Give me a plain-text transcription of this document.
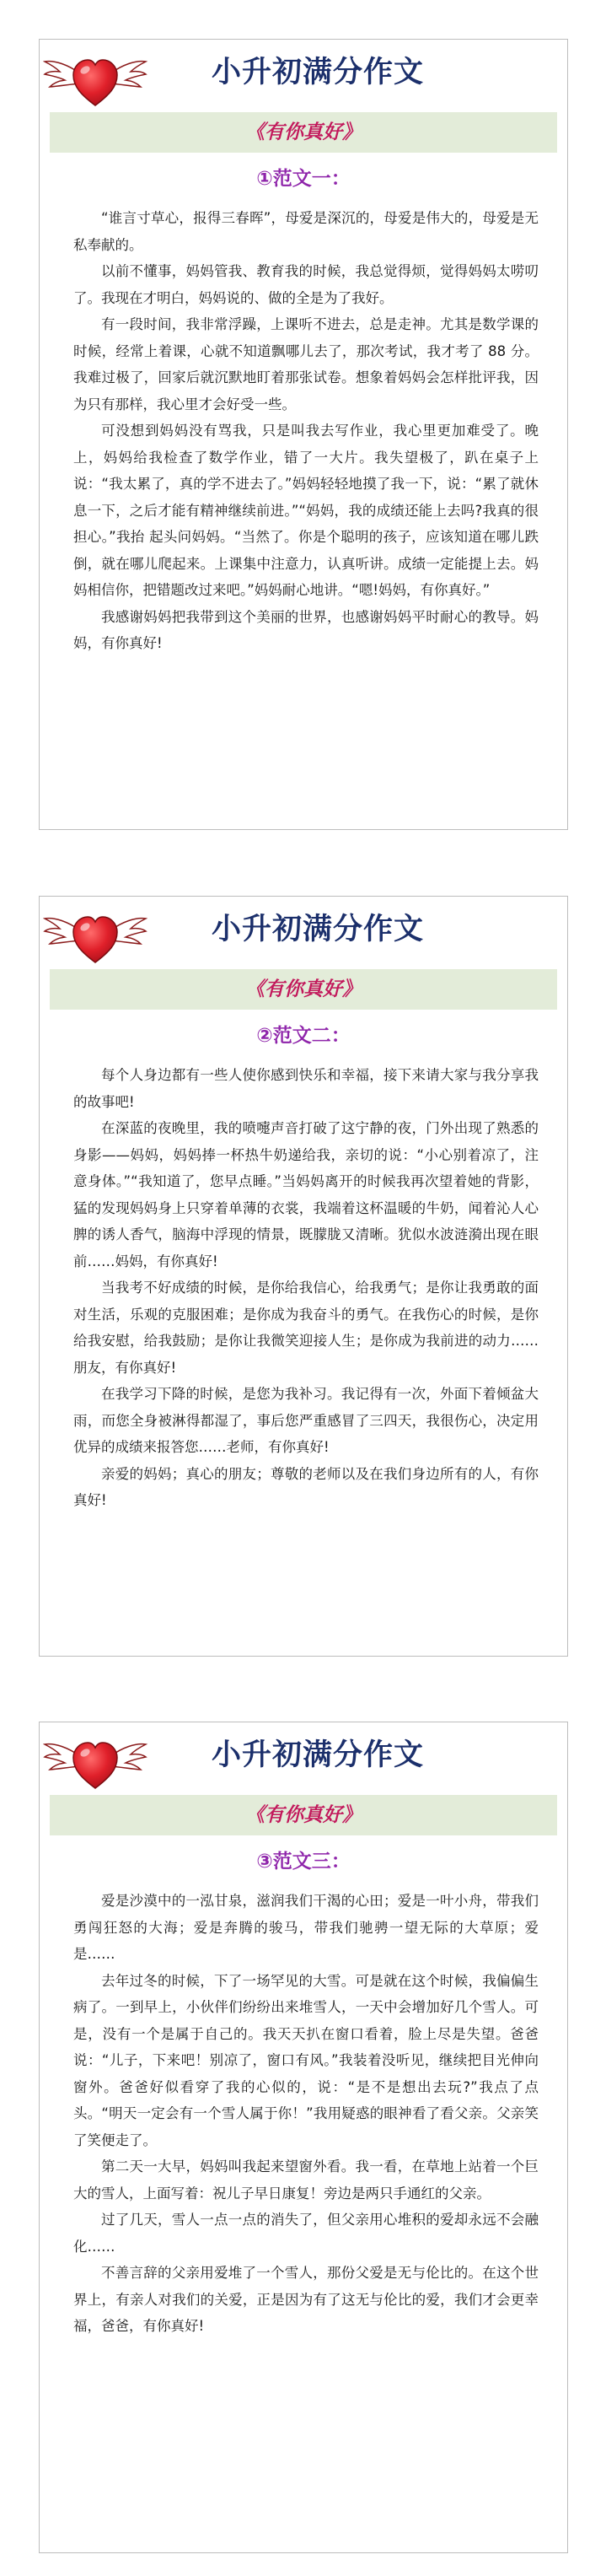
小升初满分作文
《有你真好》
①范文一：

“谁言寸草心，报得三春晖”，母爱是深沉的，母爱是伟大的，母爱是无私奉献的。

以前不懂事，妈妈管我、教育我的时候，我总觉得烦，觉得妈妈太唠叨了。我现在才明白，妈妈说的、做的全是为了我好。

有一段时间，我非常浮躁，上课听不进去，总是走神。尤其是数学课的时候，经常上着课，心就不知道飘哪儿去了，那次考试，我才考了 88 分。我难过极了，回家后就沉默地盯着那张试卷。想象着妈妈会怎样批评我，因为只有那样，我心里才会好受一些。

可没想到妈妈没有骂我，只是叫我去写作业，我心里更加难受了。晚上，妈妈给我检查了数学作业，错了一大片。我失望极了，趴在桌子上说：“我太累了，真的学不进去了。”妈妈轻轻地摸了我一下，说：“累了就休息一下，之后才能有精神继续前进。”“妈妈，我的成绩还能上去吗?我真的很担心。”我抬 起头问妈妈。“当然了。你是个聪明的孩子，应该知道在哪儿跌倒，就在哪儿爬起来。上课集中注意力，认真听讲。成绩一定能提上去。妈妈相信你，把错题改过来吧。”妈妈耐心地讲。“嗯!妈妈，有你真好。”

我感谢妈妈把我带到这个美丽的世界，也感谢妈妈平时耐心的教导。妈妈，有你真好!

小升初满分作文
《有你真好》
②范文二：

每个人身边都有一些人使你感到快乐和幸福，接下来请大家与我分享我的故事吧!

在深蓝的夜晚里，我的喷嚏声音打破了这宁静的夜，门外出现了熟悉的身影——妈妈，妈妈捧一杯热牛奶递给我，亲切的说：“小心别着凉了，注意身体。”“我知道了，您早点睡。”当妈妈离开的时候我再次望着她的背影，猛的发现妈妈身上只穿着单薄的衣裳，我端着这杯温暖的牛奶，闻着沁人心脾的诱人香气，脑海中浮现的情景，既朦胧又清晰。犹似水波涟漪出现在眼前……妈妈，有你真好!

当我考不好成绩的时候，是你给我信心，给我勇气；是你让我勇敢的面对生活，乐观的克服困难；是你成为我奋斗的勇气。在我伤心的时候，是你给我安慰，给我鼓励；是你让我微笑迎接人生；是你成为我前进的动力……朋友，有你真好!

在我学习下降的时候，是您为我补习。我记得有一次，外面下着倾盆大雨，而您全身被淋得都湿了，事后您严重感冒了三四天，我很伤心，决定用优异的成绩来报答您……老师，有你真好!

亲爱的妈妈；真心的朋友；尊敬的老师以及在我们身边所有的人，有你真好!

小升初满分作文
《有你真好》
③范文三：

爱是沙漠中的一泓甘泉，滋润我们干渴的心田；爱是一叶小舟，带我们勇闯狂怒的大海；爱是奔腾的骏马，带我们驰骋一望无际的大草原；爱是……

去年过冬的时候，下了一场罕见的大雪。可是就在这个时候，我偏偏生病了。一到早上，小伙伴们纷纷出来堆雪人，一天中会增加好几个雪人。可是，没有一个是属于自己的。我天天扒在窗口看着，脸上尽是失望。爸爸说：“儿子，下来吧！别凉了，窗口有风。”我装着没听见，继续把目光伸向窗外。爸爸好似看穿了我的心似的，说：“是不是想出去玩?”我点了点头。“明天一定会有一个雪人属于你！”我用疑惑的眼神看了看父亲。父亲笑了笑便走了。

第二天一大早，妈妈叫我起来望窗外看。我一看，在草地上站着一个巨大的雪人，上面写着：祝儿子早日康复！旁边是两只手通红的父亲。

过了几天，雪人一点一点的消失了，但父亲用心堆积的爱却永远不会融化……

不善言辞的父亲用爱堆了一个雪人，那份父爱是无与伦比的。在这个世界上，有亲人对我们的关爱，正是因为有了这无与伦比的爱，我们才会更幸福，爸爸，有你真好!
